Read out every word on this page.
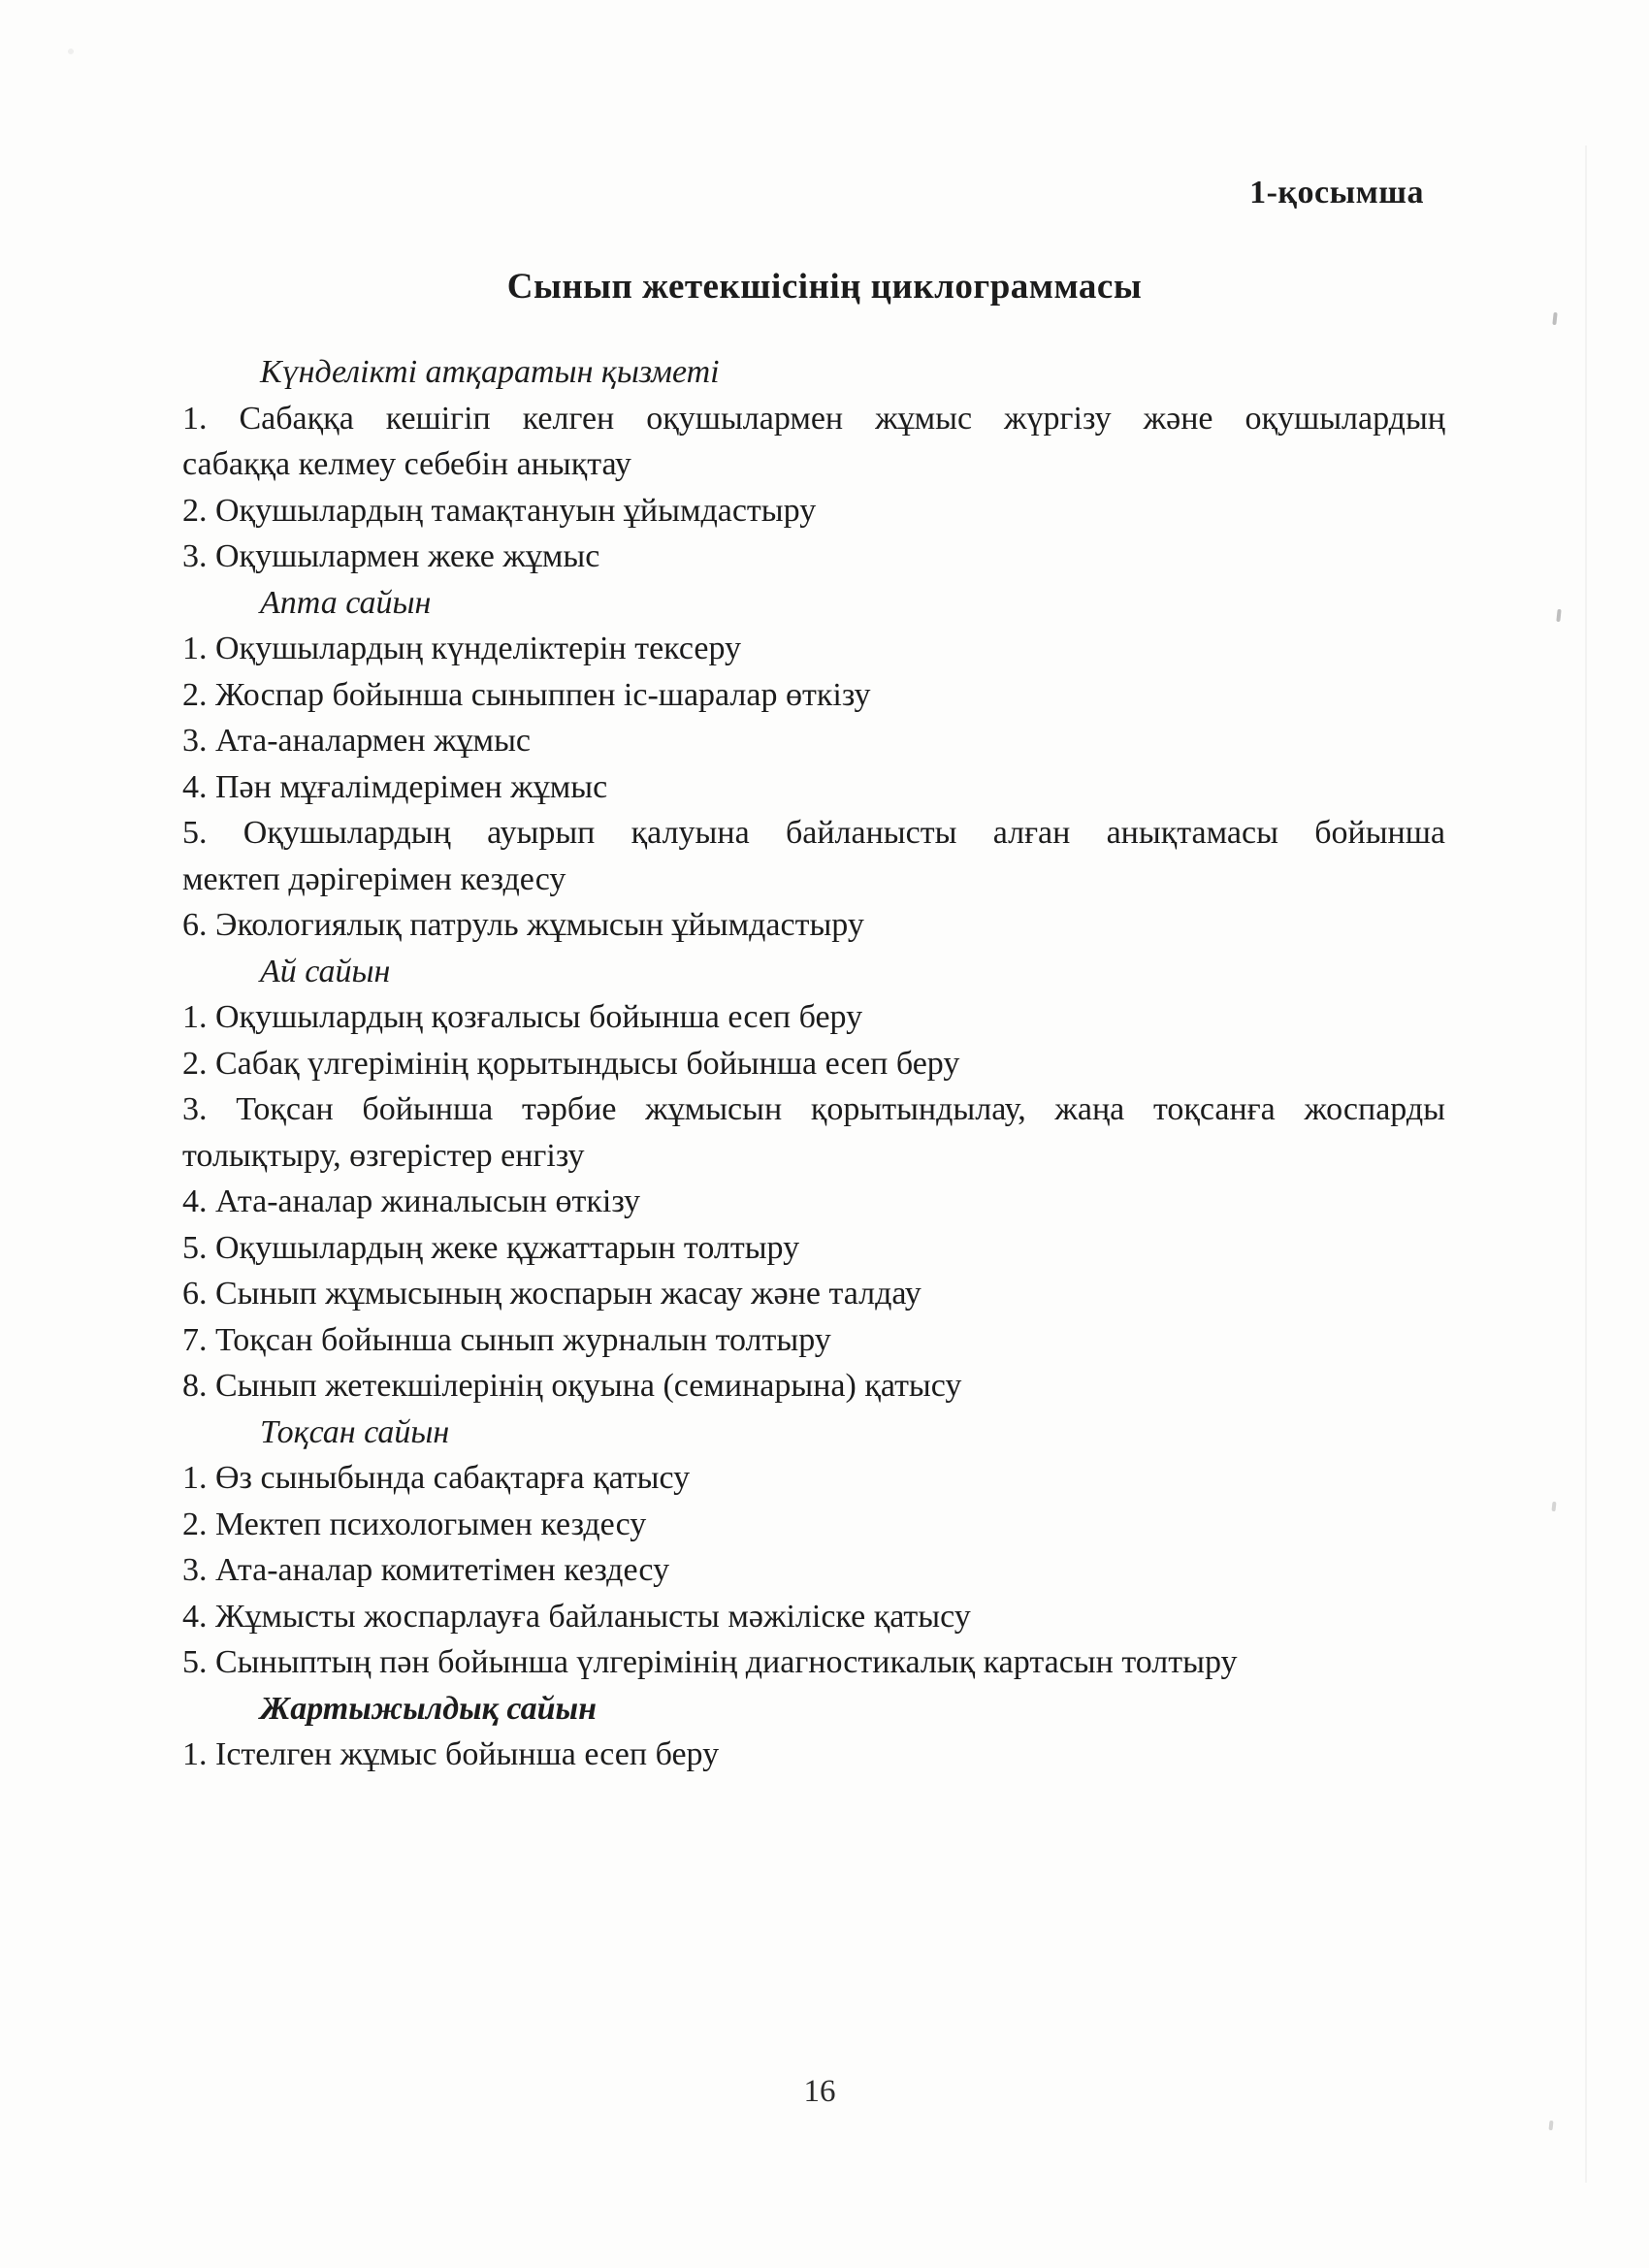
1-қосымша
Сынып жетекшісінің циклограммасы
Күнделікті атқаратын қызметі
1. Сабаққа кешігіп келген оқушылармен жұмыс жүргізу және оқушылардың
сабаққа келмеу себебін анықтау
2. Оқушылардың тамақтануын ұйымдастыру
3. Оқушылармен жеке жұмыс
Апта сайын
1. Оқушылардың күнделіктерін тексеру
2. Жоспар бойынша сыныппен іс-шаралар өткізу
3. Ата-аналармен жұмыс
4. Пән мұғалімдерімен жұмыс
5. Оқушылардың ауырып қалуына байланысты алған анықтамасы бойынша
мектеп дәрігерімен кездесу
6. Экологиялық патруль жұмысын ұйымдастыру
Ай сайын
1. Оқушылардың қозғалысы бойынша есеп беру
2. Сабақ үлгерімінің қорытындысы бойынша есеп беру
3. Тоқсан бойынша тәрбие жұмысын қорытындылау, жаңа тоқсанға жоспарды
толықтыру, өзгерістер енгізу
4. Ата-аналар жиналысын өткізу
5. Оқушылардың жеке құжаттарын толтыру
6. Сынып жұмысының жоспарын жасау және талдау
7. Тоқсан бойынша сынып журналын толтыру
8. Сынып жетекшілерінің оқуына (семинарына) қатысу
Тоқсан сайын
1. Өз сыныбында сабақтарға қатысу
2. Мектеп психологымен кездесу
3. Ата-аналар комитетімен кездесу
4. Жұмысты жоспарлауға байланысты мәжіліске қатысу
5. Сыныптың пән бойынша үлгерімінің диагностикалық картасын толтыру
Жартыжылдық сайын
1. Істелген жұмыс бойынша есеп беру
16
